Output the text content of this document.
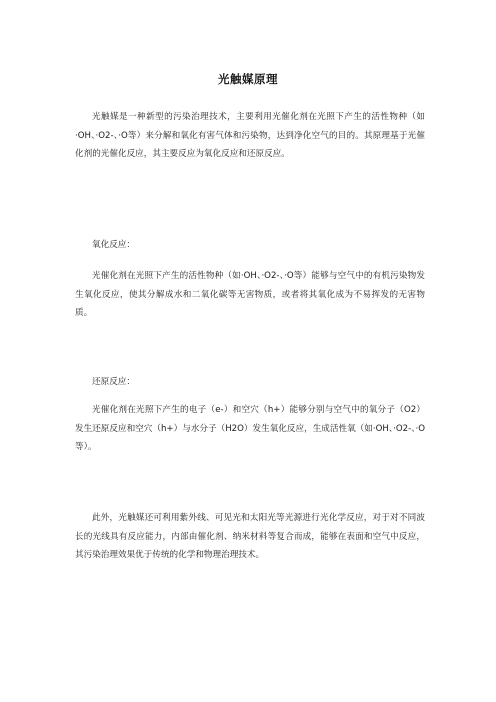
光触媒原理

光触媒是一种新型的污染治理技术，主要利用光催化剂在光照下产生的活性物种（如·OH、·O2-、·O等）来分解和氧化有害气体和污染物，达到净化空气的目的。其原理基于光催化剂的光催化反应，其主要反应为氧化反应和还原反应。

氧化反应：

光催化剂在光照下产生的活性物种（如·OH、·O2-、·O等）能够与空气中的有机污染物发生氧化反应，使其分解成水和二氧化碳等无害物质，或者将其氧化成为不易挥发的无害物质。

还原反应：

光催化剂在光照下产生的电子（e-）和空穴（h+）能够分别与空气中的氧分子（O2）发生还原反应和空穴（h+）与水分子（H2O）发生氧化反应，生成活性氧（如·OH、·O2-、·O等）。

此外，光触媒还可利用紫外线、可见光和太阳光等光源进行光化学反应，对于对不同波长的光线具有反应能力，内部由催化剂、纳米材料等复合而成，能够在表面和空气中反应，其污染治理效果优于传统的化学和物理治理技术。
